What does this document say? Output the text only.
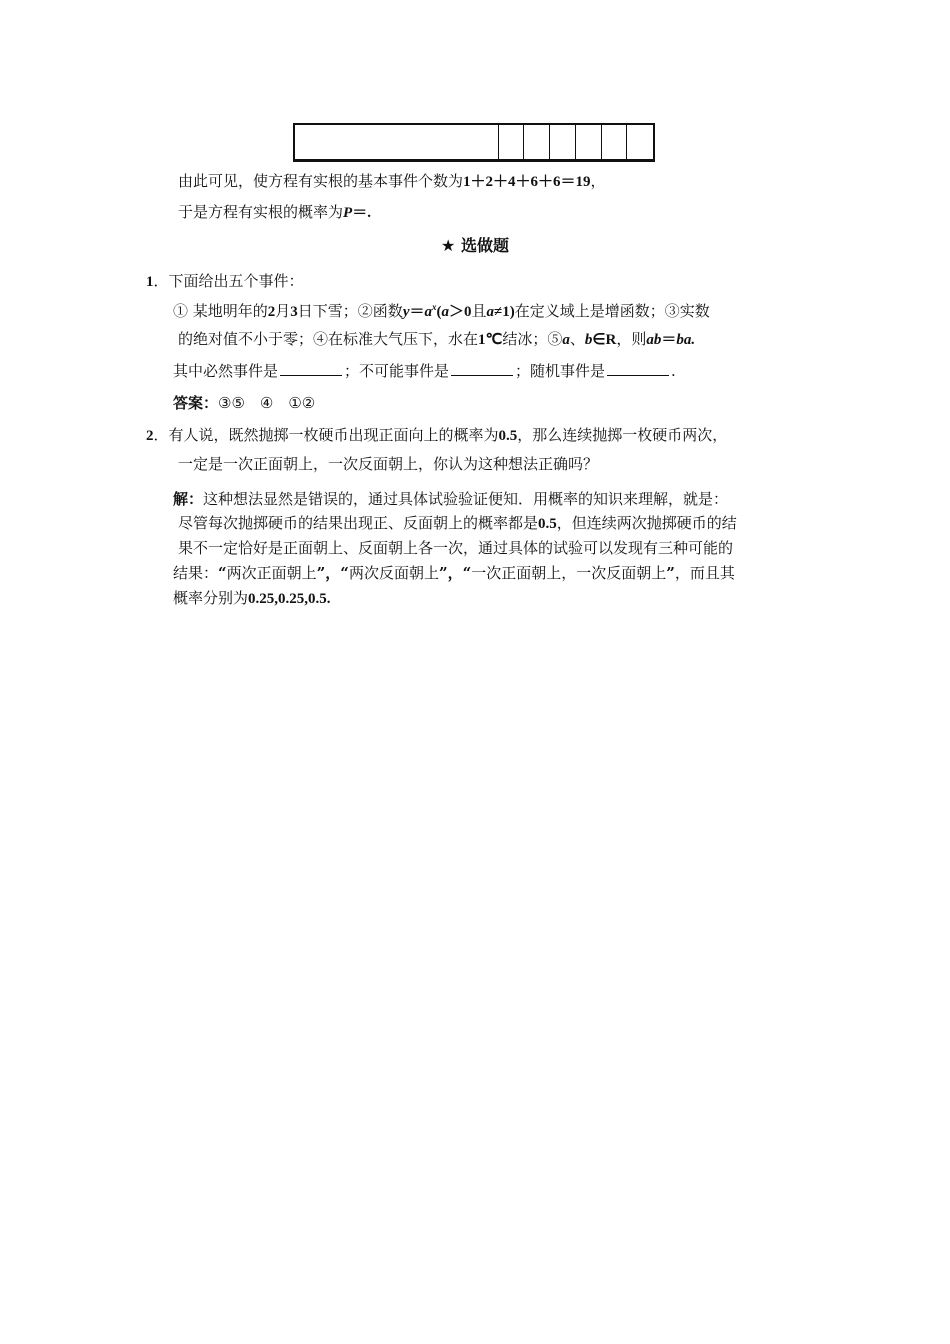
由此可见，使方程有实根的基本事件个数为1＋2＋4＋6＋6＝19，
于是方程有实根的概率为P＝.
★ 选做题
1．下面给出五个事件：
① 某地明年的2月3日下雪；②函数$y=a^x(a>0$且a≠1)在定义域上是增函数；③实数
的绝对值不小于零；④在标准大气压下，水在1℃结冰；⑤a、b∈R，则ab＝ba.
其中必然事件是	；不可能事件是	；随机事件是	.
答案：③⑤　④　①②
2．有人说，既然抛掷一枚硬币出现正面向上的概率为0.5，那么连续抛掷一枚硬币两次，
一定是一次正面朝上，一次反面朝上，你认为这种想法正确吗？
解：这种想法显然是错误的，通过具体试验验证便知．用概率的知识来理解，就是：
尽管每次抛掷硬币的结果出现正、反面朝上的概率都是0.5，但连续两次抛掷硬币的结
果不一定恰好是正面朝上、反面朝上各一次，通过具体的试验可以发现有三种可能的
结果：“两次正面朝上”，“两次反面朝上”，“一次正面朝上，一次反面朝上”，而且其
概率分别为0.25,0.25,0.5.
